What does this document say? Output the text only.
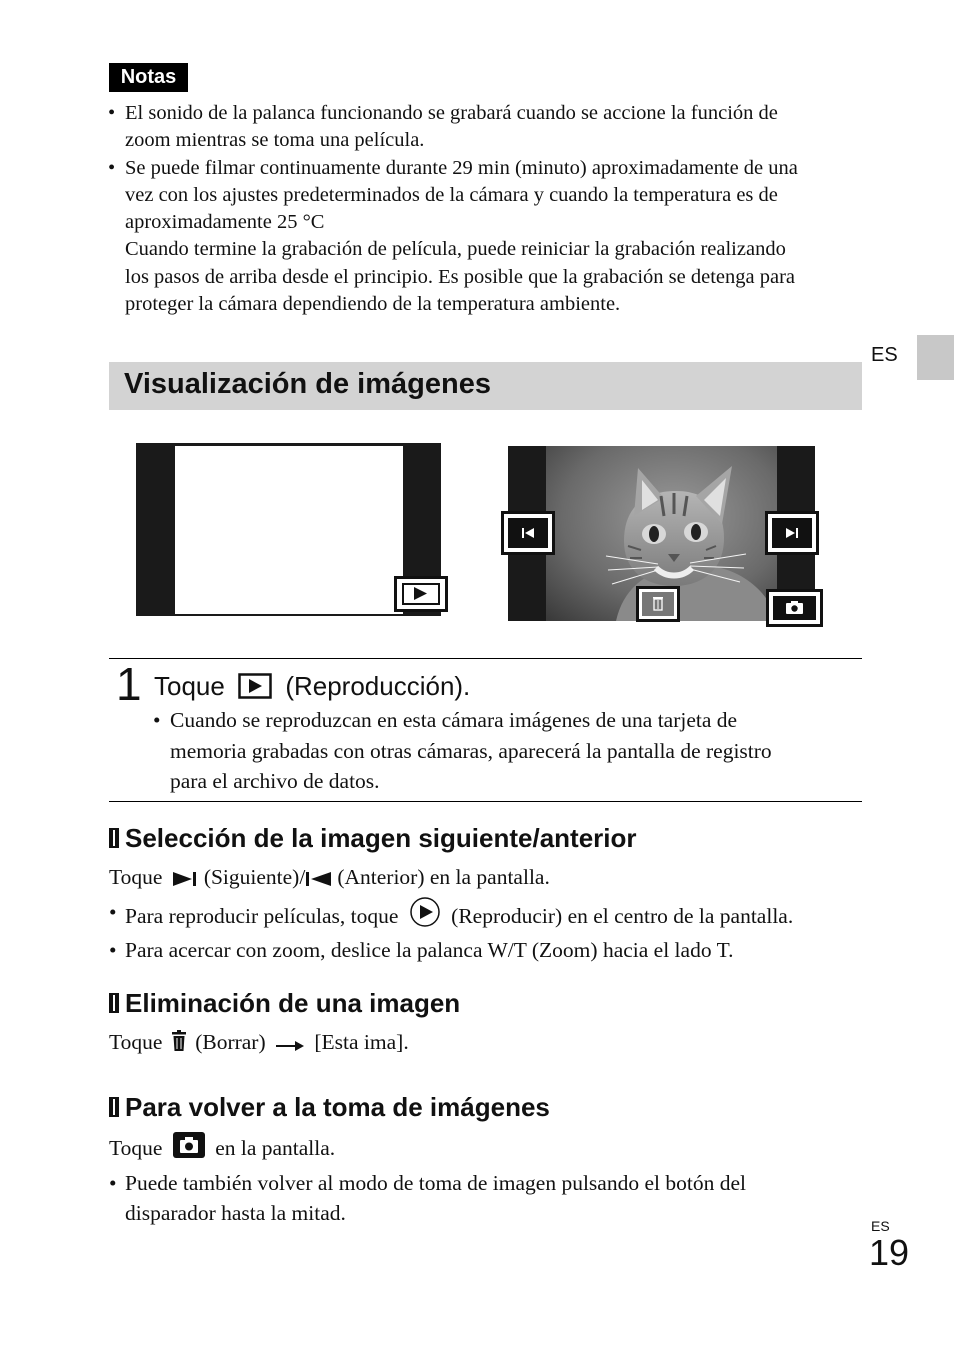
Notas
• El sonido de la palanca funcionando se grabará cuando se accione la función de
zoom mientras se toma una película.
• Se puede filmar continuamente durante 29 min (minuto) aproximadamente de una
vez con los ajustes predeterminados de la cámara y cuando la temperatura es de
aproximadamente 25 °C
Cuando termine la grabación de película, puede reiniciar la grabación realizando
los pasos de arriba desde el principio. Es posible que la grabación se detenga para
proteger la cámara dependiendo de la temperatura ambiente.
ES
Visualización de imágenes
1 Toque (Reproducción).
• Cuando se reproduzcan en esta cámara imágenes de una tarjeta de
memoria grabadas con otras cámaras, aparecerá la pantalla de registro
para el archivo de datos.
Selección de la imagen siguiente/anterior
Toque (Siguiente)/ (Anterior) en la pantalla.
• Para reproducir películas, toque (Reproducir) en el centro de la pantalla.
• Para acercar con zoom, deslice la palanca W/T (Zoom) hacia el lado T.
Eliminación de una imagen
Toque (Borrar) [Esta ima].
Para volver a la toma de imágenes
Toque en la pantalla.
• Puede también volver al modo de toma de imagen pulsando el botón del
disparador hasta la mitad.
ES
19
